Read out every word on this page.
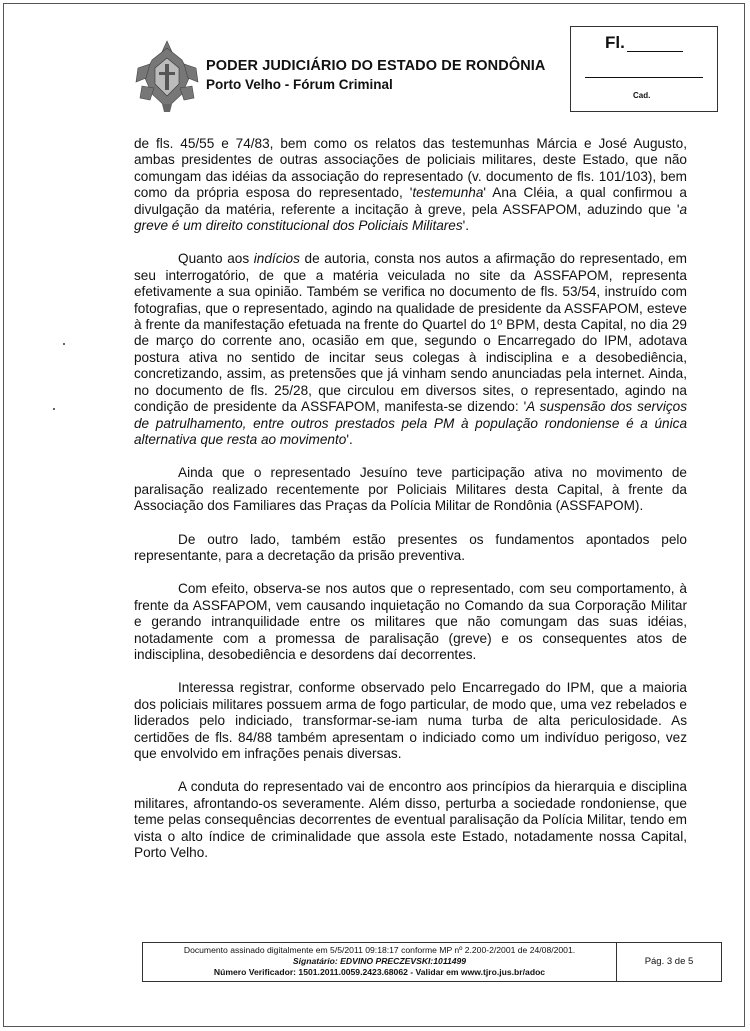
PODER JUDICIÁRIO DO ESTADO DE RONDÔNIA
Porto Velho - Fórum Criminal
Fl.
Cad.

de fls. 45/55 e 74/83, bem como os relatos das testemunhas Márcia e José Augusto, ambas presidentes de outras associações de policiais militares, deste Estado, que não comungam das idéias da associação do representado (v. documento de fls. 101/103), bem como da própria esposa do representado, 'testemunha' Ana Cléia, a qual confirmou a divulgação da matéria, referente a incitação à greve, pela ASSFAPOM, aduzindo que 'a greve é um direito constitucional dos Policiais Militares'.

Quanto aos indícios de autoria, consta nos autos a afirmação do representado, em seu interrogatório, de que a matéria veiculada no site da ASSFAPOM, representa efetivamente a sua opinião. Também se verifica no documento de fls. 53/54, instruído com fotografias, que o representado, agindo na qualidade de presidente da ASSFAPOM, esteve à frente da manifestação efetuada na frente do Quartel do 1º BPM, desta Capital, no dia 29 de março do corrente ano, ocasião em que, segundo o Encarregado do IPM, adotava postura ativa no sentido de incitar seus colegas à indisciplina e a desobediência, concretizando, assim, as pretensões que já vinham sendo anunciadas pela internet. Ainda, no documento de fls. 25/28, que circulou em diversos sites, o representado, agindo na condição de presidente da ASSFAPOM, manifesta-se dizendo: 'A suspensão dos serviços de patrulhamento, entre outros prestados pela PM à população rondoniense é a única alternativa que resta ao movimento'.

Ainda que o representado Jesuíno teve participação ativa no movimento de paralisação realizado recentemente por Policiais Militares desta Capital, à frente da Associação dos Familiares das Praças da Polícia Militar de Rondônia (ASSFAPOM).

De outro lado, também estão presentes os fundamentos apontados pelo representante, para a decretação da prisão preventiva.

Com efeito, observa-se nos autos que o representado, com seu comportamento, à frente da ASSFAPOM, vem causando inquietação no Comando da sua Corporação Militar e gerando intranquilidade entre os militares que não comungam das suas idéias, notadamente com a promessa de paralisação (greve) e os consequentes atos de indisciplina, desobediência e desordens daí decorrentes.

Interessa registrar, conforme observado pelo Encarregado do IPM, que a maioria dos policiais militares possuem arma de fogo particular, de modo que, uma vez rebelados e liderados pelo indiciado, transformar-se-iam numa turba de alta periculosidade. As certidões de fls. 84/88 também apresentam o indiciado como um indivíduo perigoso, vez que envolvido em infrações penais diversas.

A conduta do representado vai de encontro aos princípios da hierarquia e disciplina militares, afrontando-os severamente. Além disso, perturba a sociedade rondoniense, que teme pelas consequências decorrentes de eventual paralisação da Polícia Militar, tendo em vista o alto índice de criminalidade que assola este Estado, notadamente nossa Capital, Porto Velho.

Documento assinado digitalmente em 5/5/2011 09:18:17 conforme MP nº 2.200-2/2001 de 24/08/2001.
Signatário: EDVINO PRECZEVSKI:1011499
Número Verificador: 1501.2011.0059.2423.68062 - Validar em www.tjro.jus.br/adoc
Pág. 3 de 5
